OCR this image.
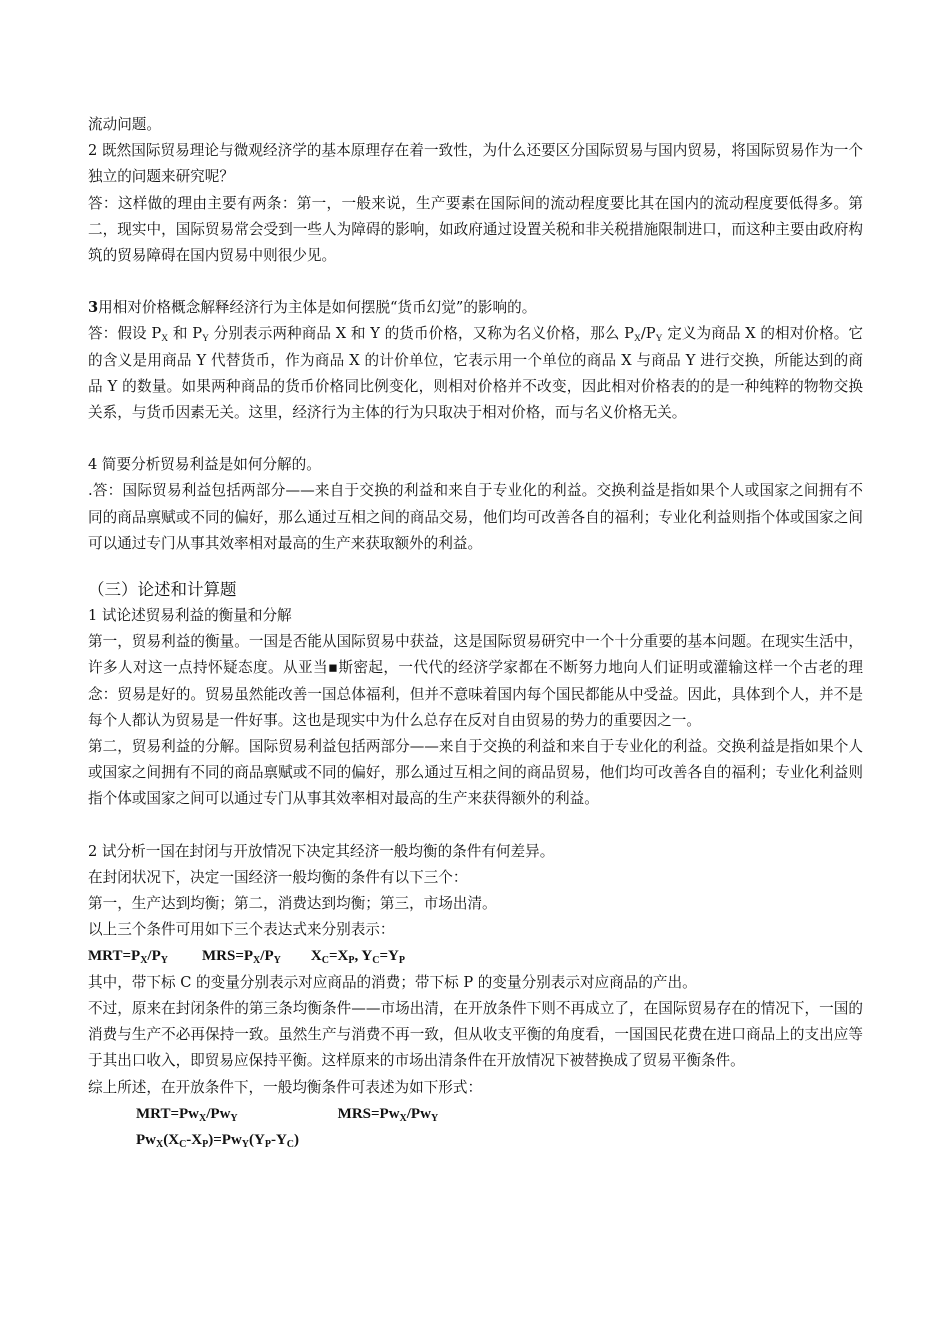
流动问题。

2 既然国际贸易理论与微观经济学的基本原理存在着一致性，为什么还要区分国际贸易与国内贸易，将国际贸易作为一个独立的问题来研究呢？

答：这样做的理由主要有两条：第一，一般来说，生产要素在国际间的流动程度要比其在国内的流动程度要低得多。第二，现实中，国际贸易常会受到一些人为障碍的影响，如政府通过设置关税和非关税措施限制进口，而这种主要由政府构筑的贸易障碍在国内贸易中则很少见。

3用相对价格概念解释经济行为主体是如何摆脱“货币幻觉”的影响的。

答：假设 $P_X$ 和 $P_Y$ 分别表示两种商品 X 和 Y 的货币价格，又称为名义价格，那么 $P_X/P_Y$ 定义为商品 X 的相对价格。它的含义是用商品 Y 代替货币，作为商品 X 的计价单位，它表示用一个单位的商品 X 与商品 Y 进行交换，所能达到的商品 Y 的数量。如果两种商品的货币价格同比例变化，则相对价格并不改变，因此相对价格表的的是一种纯粹的物物交换关系，与货币因素无关。这里，经济行为主体的行为只取决于相对价格，而与名义价格无关。

4 简要分析贸易利益是如何分解的。

.答：国际贸易利益包括两部分——来自于交换的利益和来自于专业化的利益。交换利益是指如果个人或国家之间拥有不同的商品禀赋或不同的偏好，那么通过互相之间的商品交易，他们均可改善各自的福利；专业化利益则指个体或国家之间可以通过专门从事其效率相对最高的生产来获取额外的利益。

（三）论述和计算题

1 试论述贸易利益的衡量和分解

第一，贸易利益的衡量。一国是否能从国际贸易中获益，这是国际贸易研究中一个十分重要的基本问题。在现实生活中，许多人对这一点持怀疑态度。从亚当▪斯密起，一代代的经济学家都在不断努力地向人们证明或灌输这样一个古老的理念：贸易是好的。贸易虽然能改善一国总体福利，但并不意味着国内每个国民都能从中受益。因此，具体到个人，并不是每个人都认为贸易是一件好事。这也是现实中为什么总存在反对自由贸易的势力的重要因之一。

第二，贸易利益的分解。国际贸易利益包括两部分——来自于交换的利益和来自于专业化的利益。交换利益是指如果个人或国家之间拥有不同的商品禀赋或不同的偏好，那么通过互相之间的商品贸易，他们均可改善各自的福利；专业化利益则指个体或国家之间可以通过专门从事其效率相对最高的生产来获得额外的利益。

2 试分析一国在封闭与开放情况下决定其经济一般均衡的条件有何差异。

在封闭状况下，决定一国经济一般均衡的条件有以下三个：

第一，生产达到均衡；第二，消费达到均衡；第三，市场出清。

以上三个条件可用如下三个表达式来分别表示：

$MRT=P_X/P_Y$ $MRS=P_X/P_Y$ $X_C=X_P$, $Y_C=Y_P$

其中，带下标 C 的变量分别表示对应商品的消费；带下标 P 的变量分别表示对应商品的产出。

不过，原来在封闭条件的第三条均衡条件——市场出清，在开放条件下则不再成立了，在国际贸易存在的情况下，一国的消费与生产不必再保持一致。虽然生产与消费不再一致，但从收支平衡的角度看，一国国民花费在进口商品上的支出应等于其出口收入，即贸易应保持平衡。这样原来的市场出清条件在开放情况下被替换成了贸易平衡条件。

综上所述，在开放条件下，一般均衡条件可表述为如下形式：

$MRT=Pw_X/Pw_Y$	$MRS=Pw_X/Pw_Y$

$Pw_X(X_C-X_P)=Pw_Y(Y_P-Y_C)$
